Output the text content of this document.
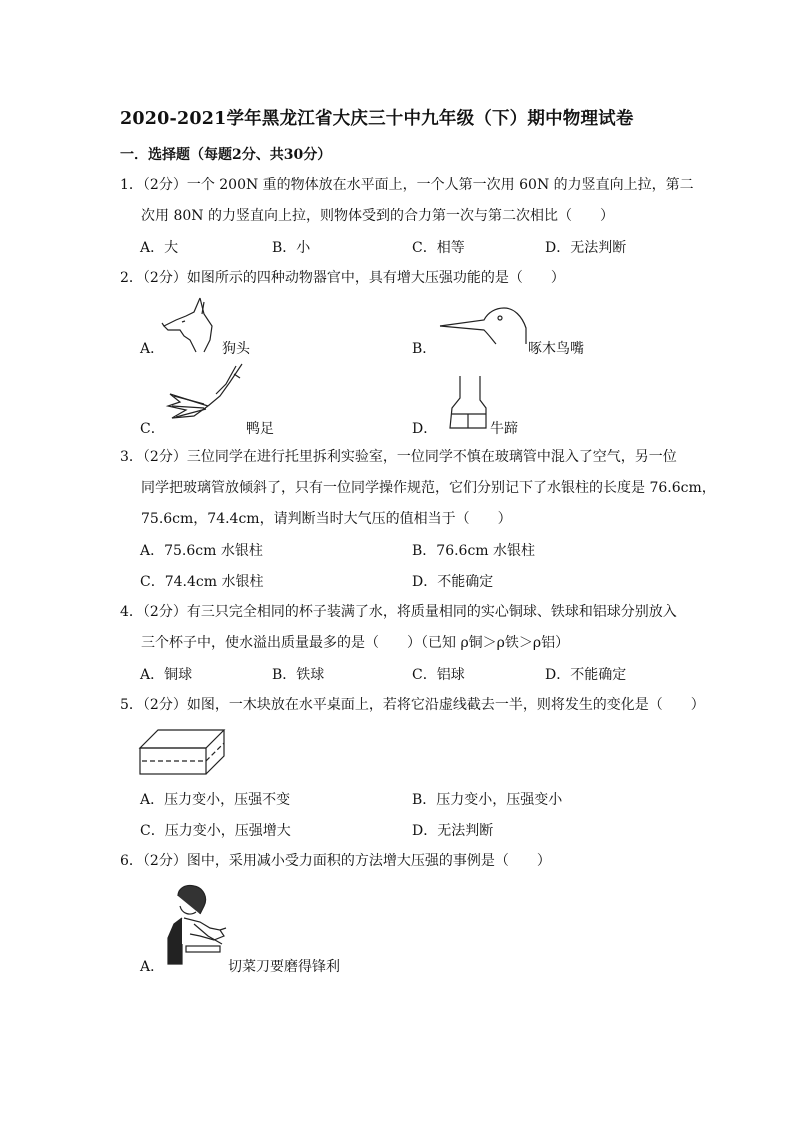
2020-2021学年黑龙江省大庆三十中九年级（下）期中物理试卷
一．选择题（每题2分、共30分）
1．（2分）一个 200N 重的物体放在水平面上，一个人第一次用 60N 的力竖直向上拉，第二
次用 80N 的力竖直向上拉，则物体受到的合力第一次与第二次相比（　　）
A．大	B．小	C．相等	D．无法判断
2．（2分）如图所示的四种动物器官中，具有增大压强功能的是（　　）
A．	狗头	B．	啄木鸟嘴
C．	鸭足	D．	牛蹄
3．（2分）三位同学在进行托里拆利实验室，一位同学不慎在玻璃管中混入了空气，另一位
同学把玻璃管放倾斜了，只有一位同学操作规范，它们分别记下了水银柱的长度是 76.6cm，
75.6cm，74.4cm，请判断当时大气压的值相当于（　　）
A．75.6cm 水银柱	B．76.6cm 水银柱
C．74.4cm 水银柱	D．不能确定
4．（2分）有三只完全相同的杯子装满了水，将质量相同的实心铜球、铁球和铝球分别放入
三个杯子中，使水溢出质量最多的是（　　）（已知 ρ铜＞ρ铁＞ρ铝）
A．铜球	B．铁球	C．铝球	D．不能确定
5．（2分）如图，一木块放在水平桌面上，若将它沿虚线截去一半，则将发生的变化是（　　）
A．压力变小，压强不变	B．压力变小，压强变小
C．压力变小，压强增大	D．无法判断
6．（2分）图中，采用减小受力面积的方法增大压强的事例是（　　）
A．	切菜刀要磨得锋利
